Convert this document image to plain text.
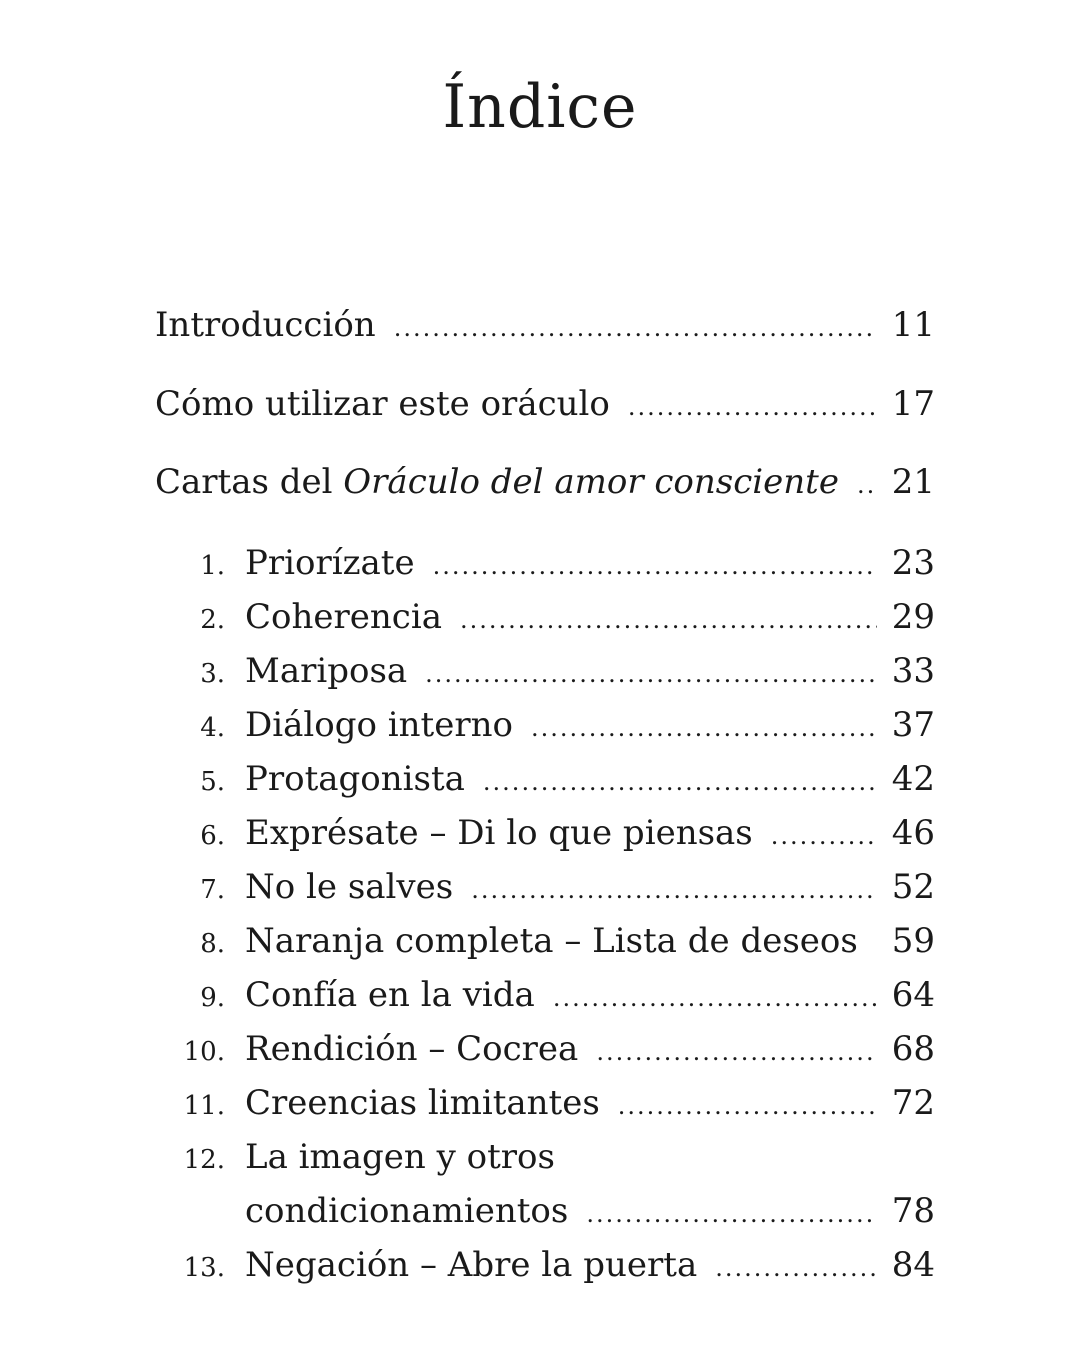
Índice
Introducción .....	11
Cómo utilizar este oráculo .....	17
Cartas del Oráculo del amor consciente ..... 21
1. Priorízate .....	23
2. Coherencia .....	29
3. Mariposa .....	33
4. Diálogo interno .....	37
5. Protagonista .....	42
6. Exprésate – Di lo que piensas .....	46
7. No le salves .....	52
8. Naranja completa – Lista de deseos ..... 59
9. Confía en la vida .....	64
10. Rendición – Cocrea .....	68
11. Creencias limitantes .....	72
12. La imagen y otros
condicionamientos .....	78
13. Negación – Abre la puerta .....	84
